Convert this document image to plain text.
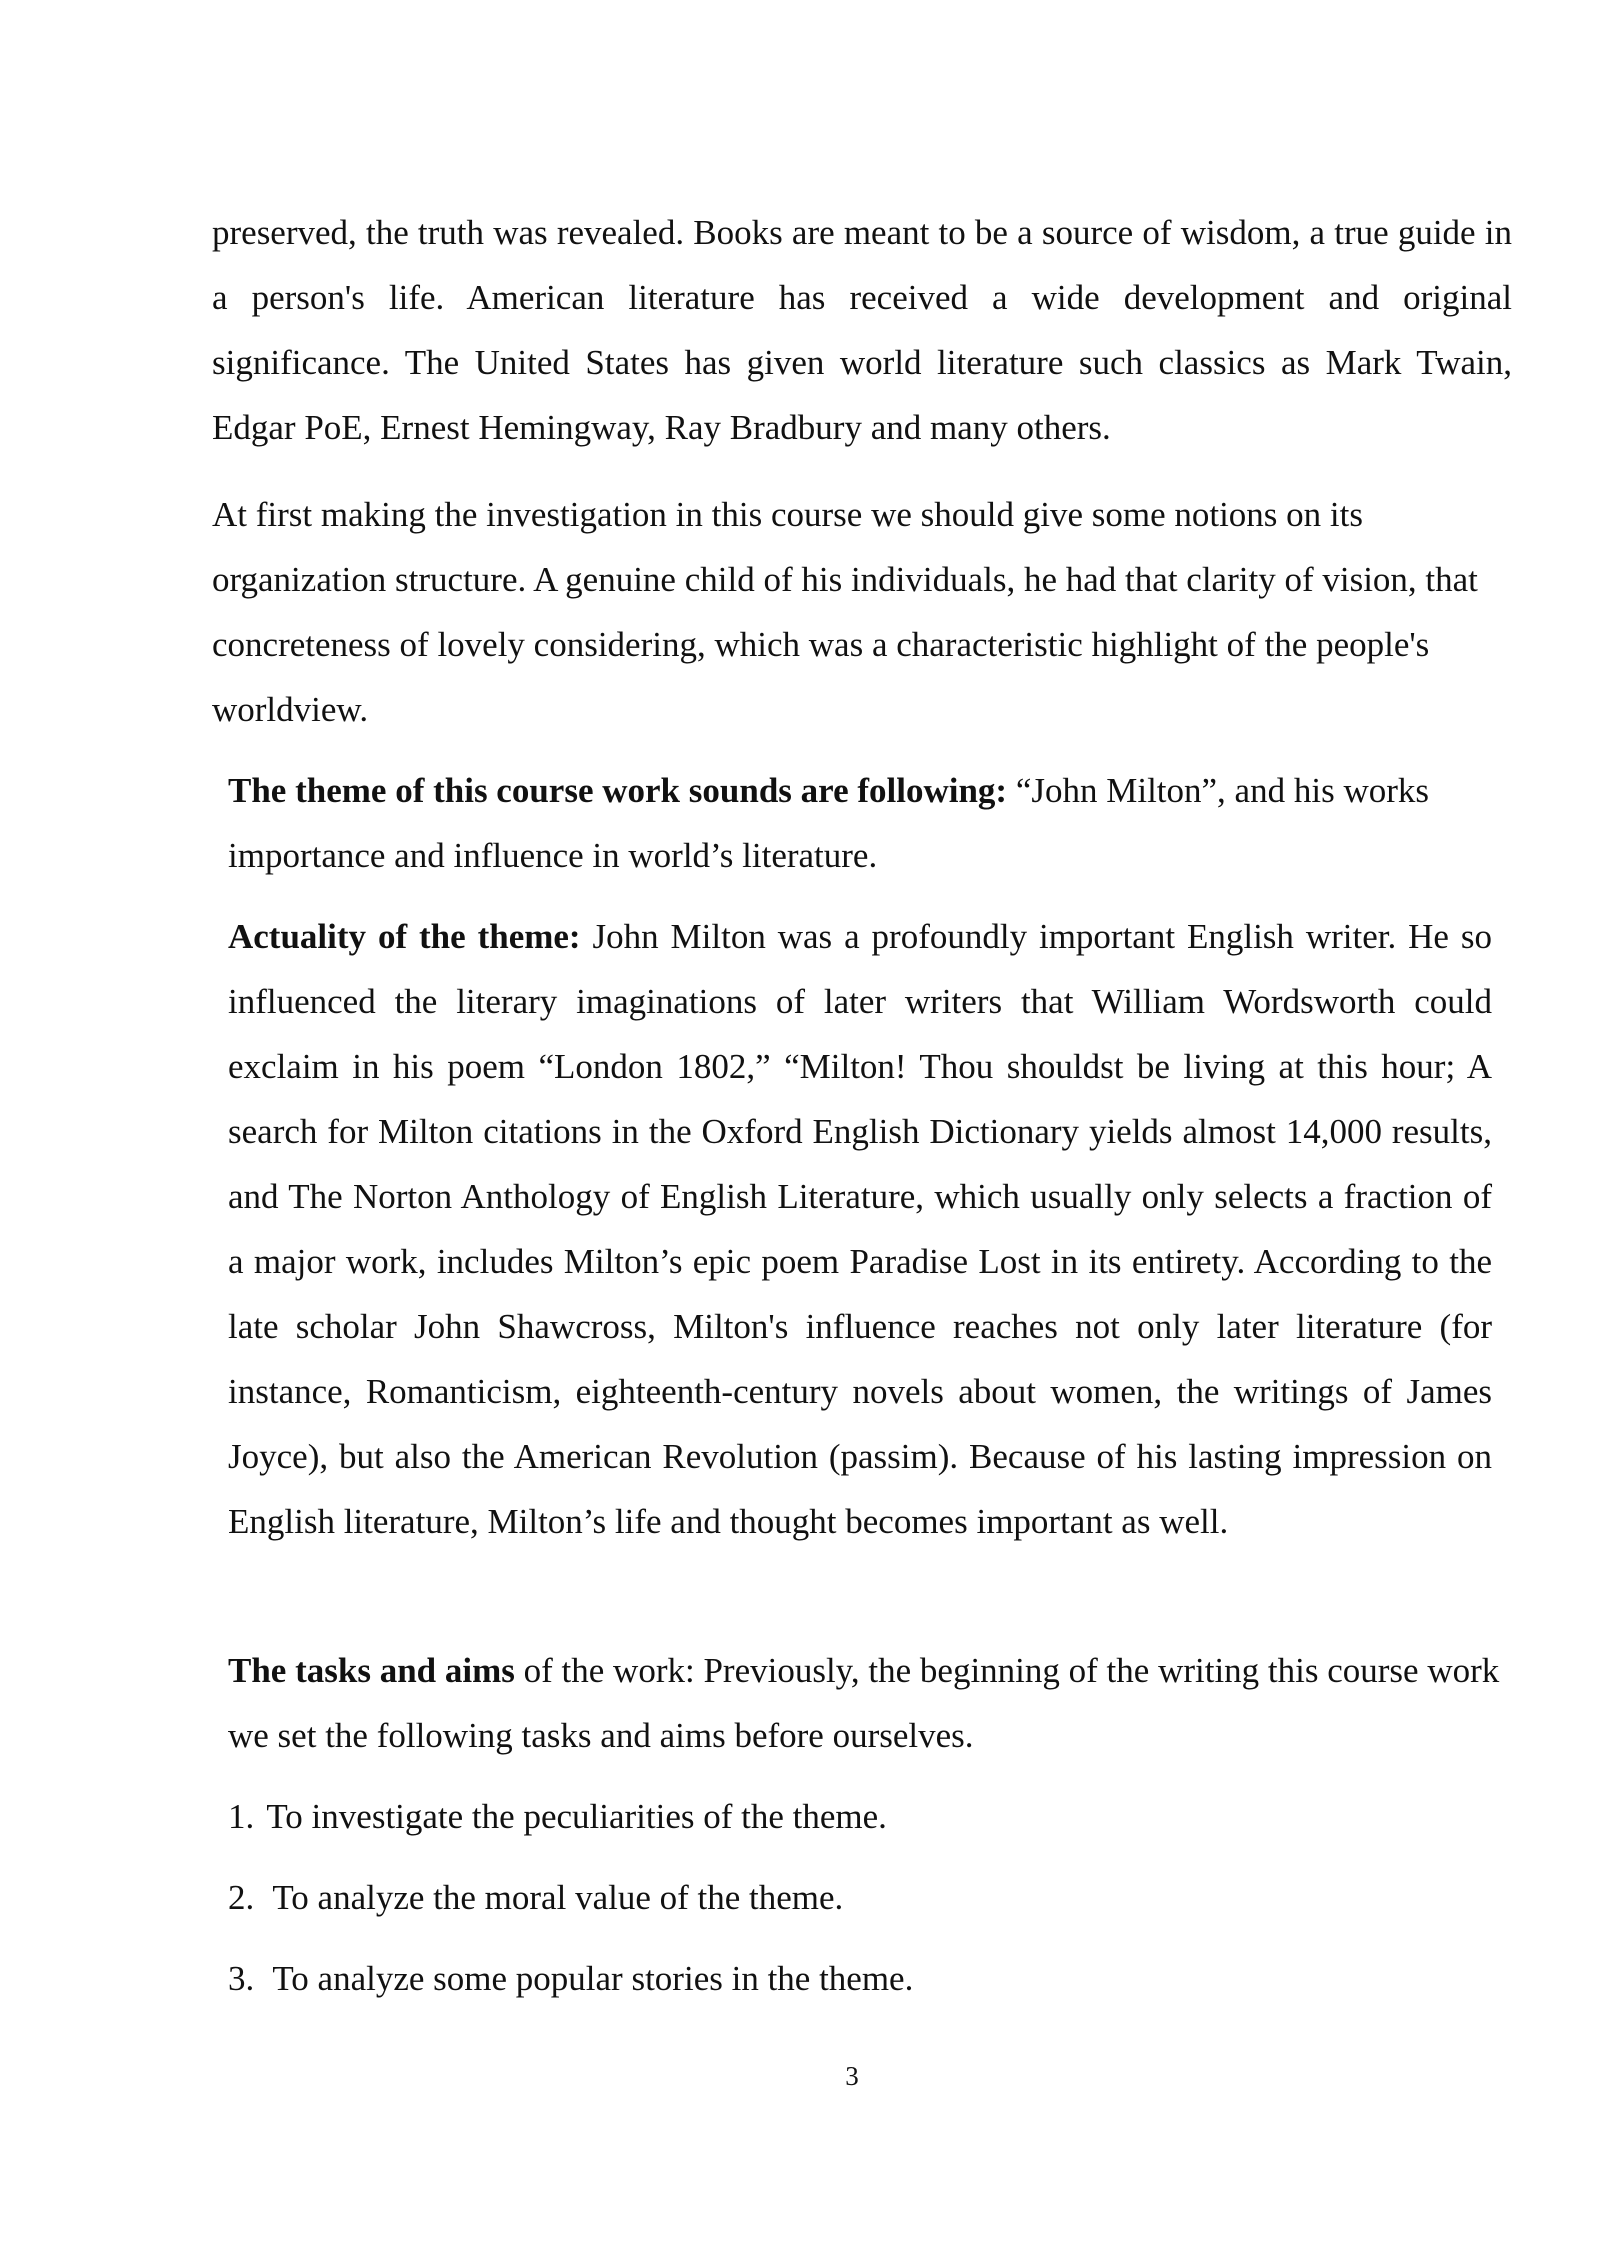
preserved, the truth was revealed. Books are meant to be a source of wisdom, a true guide in a person's life. American literature has received a wide development and original significance. The United States has given world literature such classics as Mark Twain, Edgar PoE, Ernest Hemingway, Ray Bradbury and many others.

At first making the investigation in this course we should give some notions on its organization structure. A genuine child of his individuals, he had that clarity of vision, that concreteness of lovely considering, which was a characteristic highlight of the people's worldview.

The theme of this course work sounds are following: “John Milton”, and his works importance and influence in world’s literature.

Actuality of the theme: John Milton was a profoundly important English writer. He so influenced the literary imaginations of later writers that William Wordsworth could exclaim in his poem “London 1802,” “Milton! Thou shouldst be living at this hour; A search for Milton citations in the Oxford English Dictionary yields almost 14,000 results, and The Norton Anthology of English Literature, which usually only selects a fraction of a major work, includes Milton’s epic poem Paradise Lost in its entirety. According to the late scholar John Shawcross, Milton's influence reaches not only later literature (for instance, Romanticism, eighteenth-century novels about women, the writings of James Joyce), but also the American Revolution (passim). Because of his lasting impression on English literature, Milton’s life and thought becomes important as well.

The tasks and aims of the work: Previously, the beginning of the writing this course work we set the following tasks and aims before ourselves.

1. To investigate the peculiarities of the theme.

2. To analyze the moral value of the theme.

3. To analyze some popular stories in the theme.

3
